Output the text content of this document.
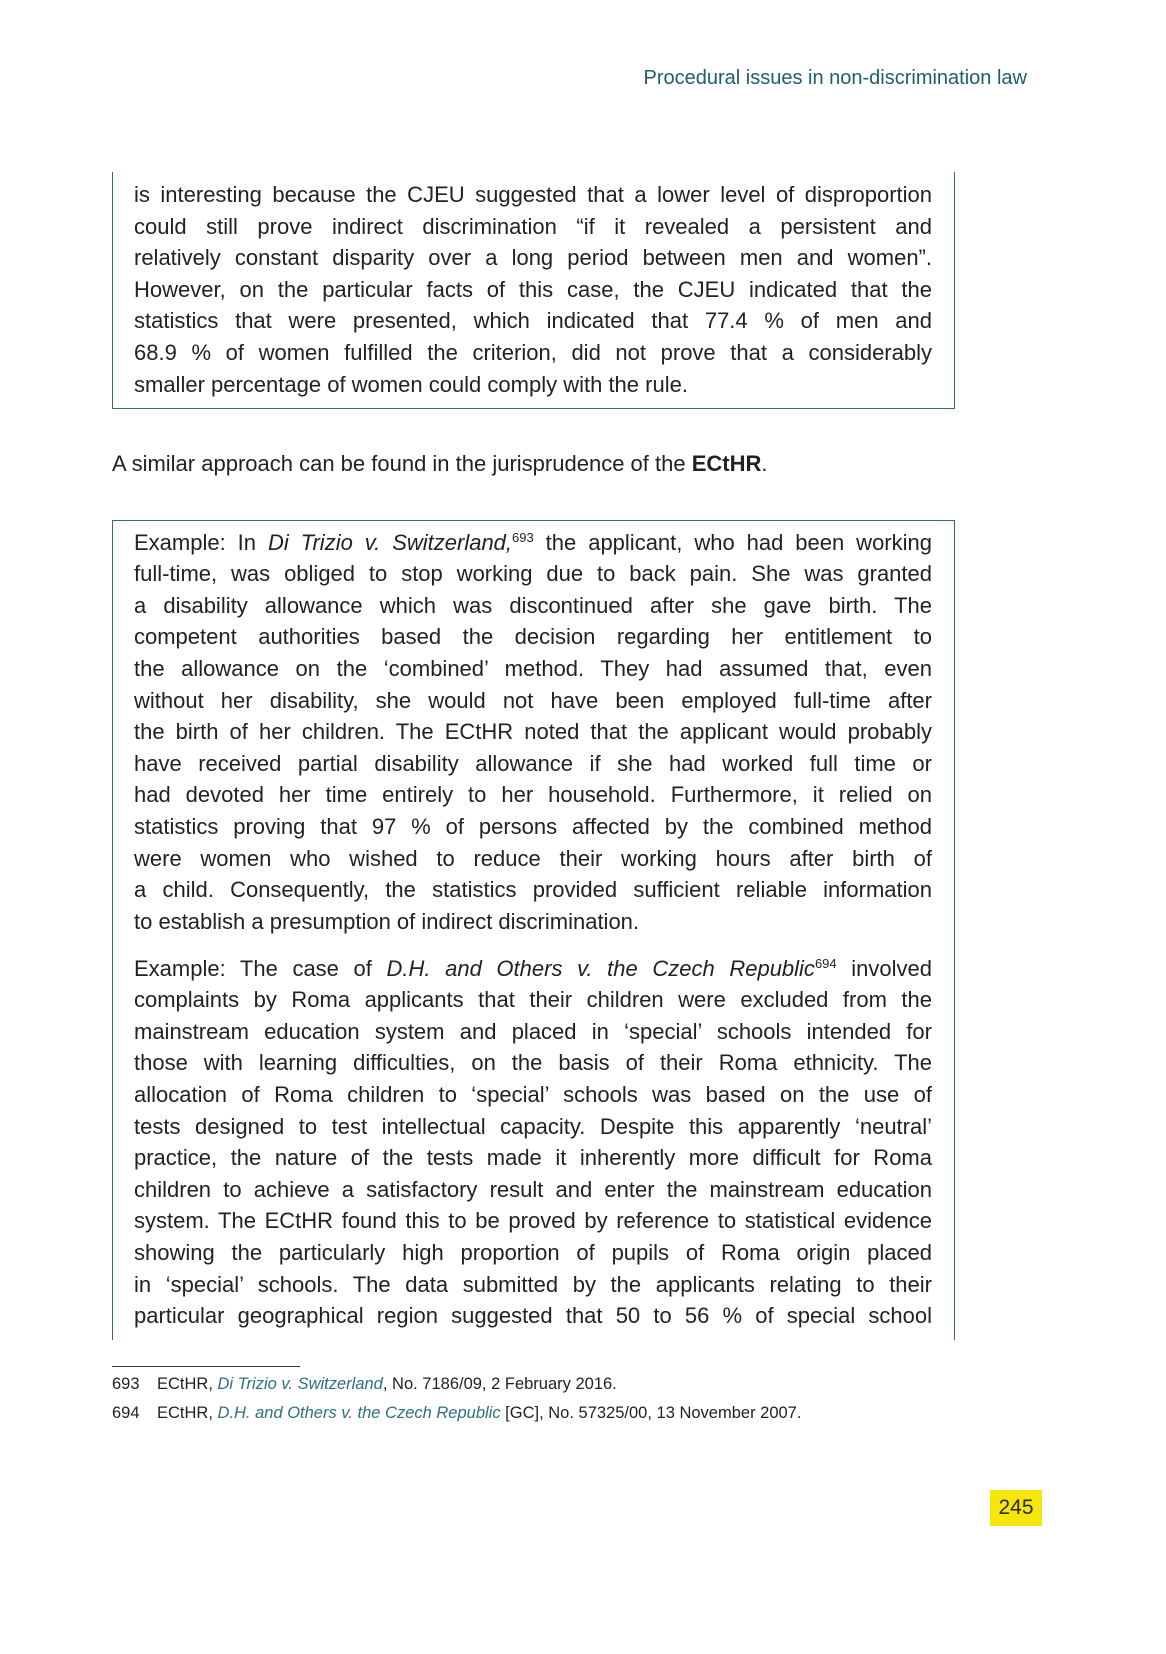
Procedural issues in non-discrimination law
is interesting because the CJEU suggested that a lower level of disproportion
could still prove indirect discrimination “if it revealed a persistent and
relatively constant disparity over a long period between men and women”.
However, on the particular facts of this case, the CJEU indicated that the
statistics that were presented, which indicated that 77.4 % of men and
68.9 % of women fulfilled the criterion, did not prove that a considerably
smaller percentage of women could comply with the rule.
A similar approach can be found in the jurisprudence of the ECtHR.
Example: In Di Trizio v. Switzerland,$^{693}$ the applicant, who had been working
full-time, was obliged to stop working due to back pain. She was granted
a disability allowance which was discontinued after she gave birth. The
competent authorities based the decision regarding her entitlement to
the allowance on the ‘combined’ method. They had assumed that, even
without her disability, she would not have been employed full-time after
the birth of her children. The ECtHR noted that the applicant would probably
have received partial disability allowance if she had worked full time or
had devoted her time entirely to her household. Furthermore, it relied on
statistics proving that 97 % of persons affected by the combined method
were women who wished to reduce their working hours after birth of
a child. Consequently, the statistics provided sufficient reliable information
to establish a presumption of indirect discrimination.
Example: The case of D.H. and Others v. the Czech Republic$^{694}$ involved
complaints by Roma applicants that their children were excluded from the
mainstream education system and placed in ‘special’ schools intended for
those with learning difficulties, on the basis of their Roma ethnicity. The
allocation of Roma children to ‘special’ schools was based on the use of
tests designed to test intellectual capacity. Despite this apparently ‘neutral’
practice, the nature of the tests made it inherently more difficult for Roma
children to achieve a satisfactory result and enter the mainstream education
system. The ECtHR found this to be proved by reference to statistical evidence
showing the particularly high proportion of pupils of Roma origin placed
in ‘special’ schools. The data submitted by the applicants relating to their
particular geographical region suggested that 50 to 56 % of special school
693 ECtHR, Di Trizio v. Switzerland, No. 7186/09, 2 February 2016.
694 ECtHR, D.H. and Others v. the Czech Republic [GC], No. 57325/00, 13 November 2007.
245
